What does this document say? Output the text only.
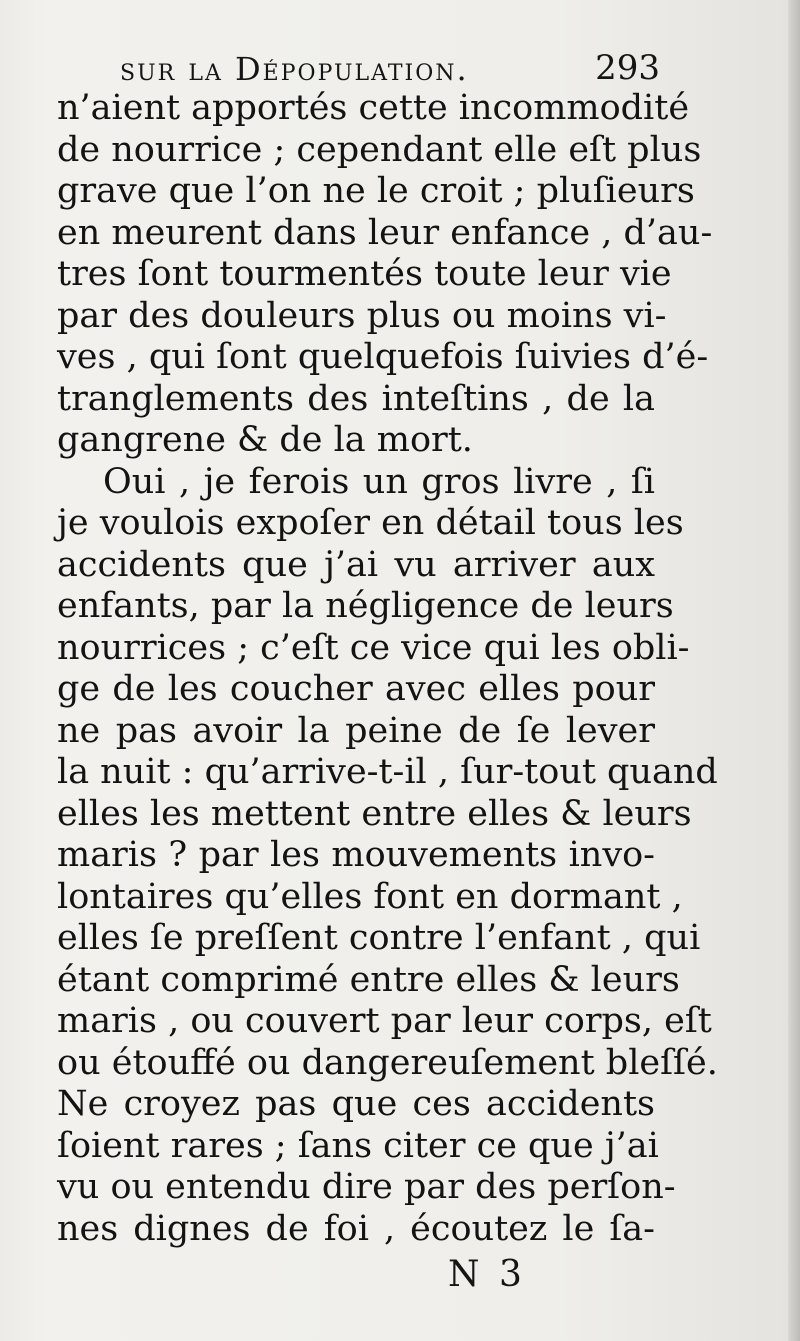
sur la Dépopulation.	293
n’aient apportés cette incommodité
de nourrice ; cependant elle eſt plus
grave que l’on ne le croit ; pluſieurs
en meurent dans leur enfance , d’au-
tres ſont tourmentés toute leur vie
par des douleurs plus ou moins vi-
ves , qui ſont quelquefois ſuivies d’é-
tranglements des inteſtins , de la
gangrene & de la mort.
Oui , je ferois un gros livre , ſi
je voulois expoſer en détail tous les
accidents que j’ai vu arriver aux
enfants, par la négligence de leurs
nourrices ; c’eſt ce vice qui les obli-
ge de les coucher avec elles pour
ne pas avoir la peine de ſe lever
la nuit : qu’arrive-t-il , ſur-tout quand
elles les mettent entre elles & leurs
maris ? par les mouvements invo-
lontaires qu’elles font en dormant ,
elles ſe preſſent contre l’enfant , qui
étant comprimé entre elles & leurs
maris , ou couvert par leur corps, eſt
ou étouffé ou dangereuſement bleſſé.
Ne croyez pas que ces accidents
ſoient rares ; ſans citer ce que j’ai
vu ou entendu dire par des perſon-
nes dignes de foi , écoutez le ſa-
N 3
